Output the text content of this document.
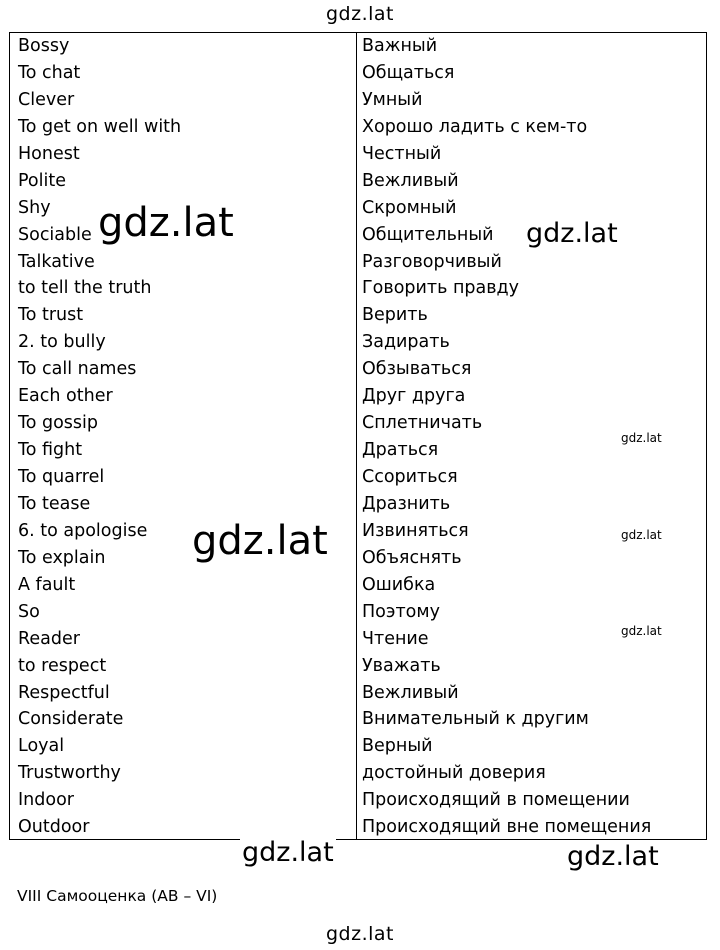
gdz.lat
Bossy
To chat
Clever
To get on well with
Honest
Polite
Shy
Sociable
Talkative
to tell the truth
To trust
2. to bully
To call names
Each other
To gossip
To fight
To quarrel
To tease
6. to apologise
To explain
A fault
So
Reader
to respect
Respectful
Considerate
Loyal
Trustworthy
Indoor
Outdoor
Важный
Общаться
Умный
Хорошо ладить с кем-то
Честный
Вежливый
Скромный
Общительный
Разговорчивый
Говорить правду
Верить
Задирать
Обзываться
Друг друга
Сплетничать
Драться
Ссориться
Дразнить
Извиняться
Объяснять
Ошибка
Поэтому
Чтение
Уважать
Вежливый
Внимательный к другим
Верный
достойный доверия
Происходящий в помещении
Происходящий вне помещения
gdz.lat	gdz.lat
gdz.lat
gdz.lat	gdz.lat
gdz.lat
gdz.lat
gdz.lat
VIII Самооценка (АВ – VI)
gdz.lat
